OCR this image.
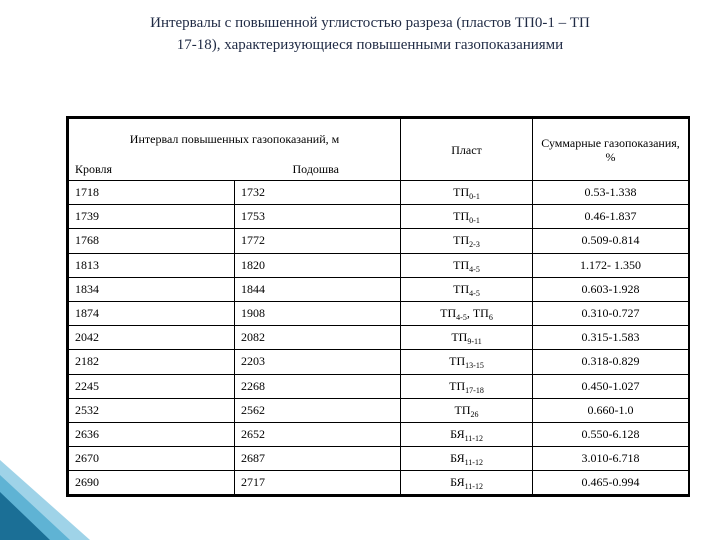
Интервалы с повышенной углистостью разреза (пластов ТП0-1 – ТП
17-18), характеризующиеся повышенными газопоказаниями
Интервал повышенных газопоказаний, м		Пласт	Суммарные газопоказания, %
Кровля	Подошва		
1718	1732	$ТП_{0-1}$	0.53-1.338
1739	1753	$ТП_{0-1}$	0.46-1.837
1768	1772	$ТП_{2-3}$	0.509-0.814
1813	1820	$ТП_{4-5}$	1.172- 1.350
1834	1844	$ТП_{4-5}$	0.603-1.928
1874	1908	$ТП_{4-5}$, $ТП_6$	0.310-0.727
2042	2082	$ТП_{9-11}$	0.315-1.583
2182	2203	$ТП_{13-15}$	0.318-0.829
2245	2268	$ТП_{17-18}$	0.450-1.027
2532	2562	$ТП_{26}$	0.660-1.0
2636	2652	$БЯ_{11-12}$	0.550-6.128
2670	2687	$БЯ_{11-12}$	3.010-6.718
2690	2717	$БЯ_{11-12}$	0.465-0.994
